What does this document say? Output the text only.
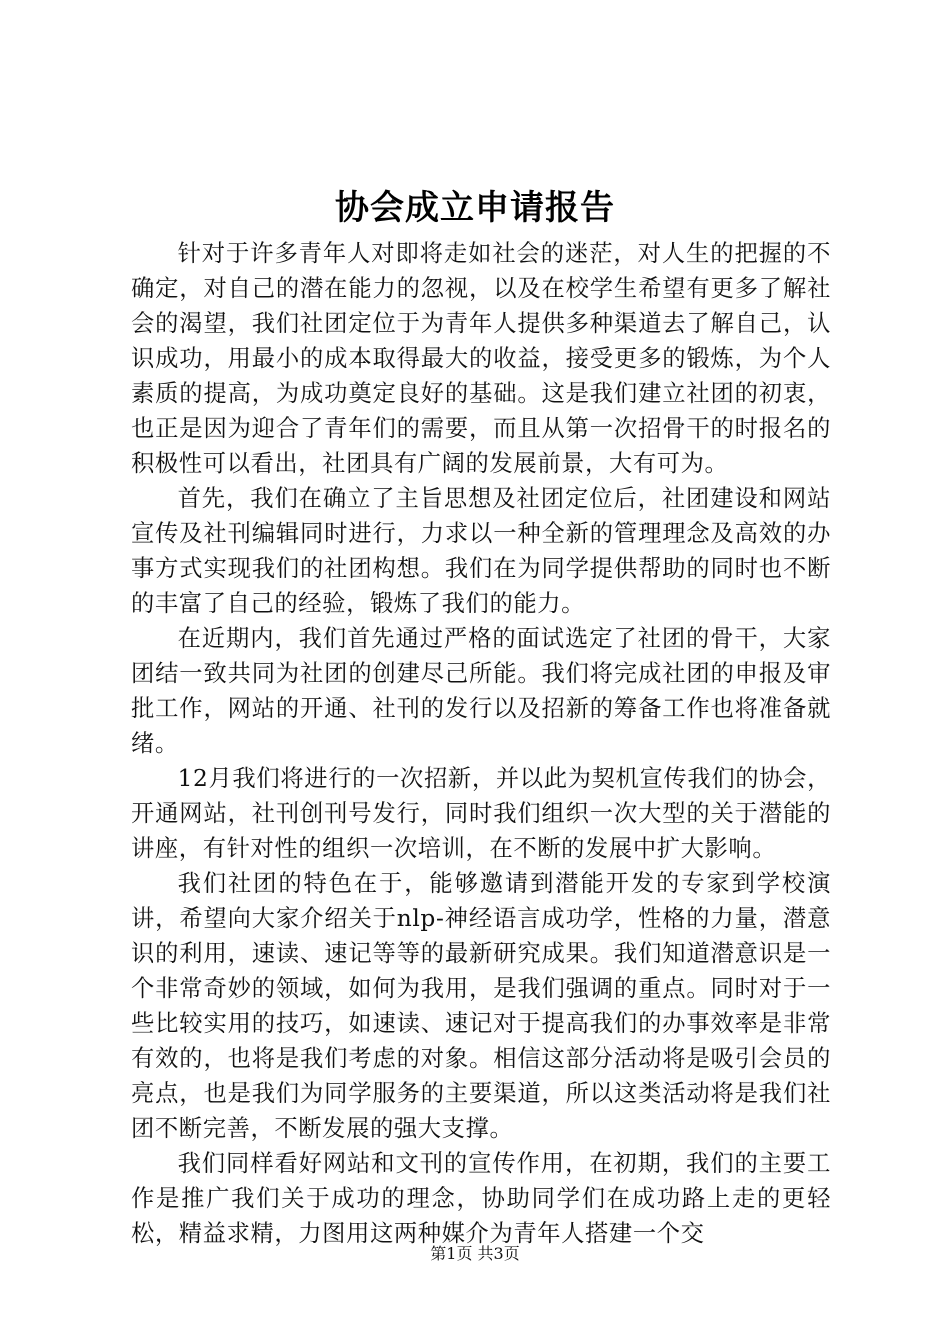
协会成立申请报告

针对于许多青年人对即将走如社会的迷茫，对人生的把握的不确定，对自己的潜在能力的忽视，以及在校学生希望有更多了解社会的渴望，我们社团定位于为青年人提供多种渠道去了解自己，认识成功，用最小的成本取得最大的收益，接受更多的锻炼，为个人素质的提高，为成功奠定良好的基础。这是我们建立社团的初衷，也正是因为迎合了青年们的需要，而且从第一次招骨干的时报名的积极性可以看出，社团具有广阔的发展前景，大有可为。

首先，我们在确立了主旨思想及社团定位后，社团建设和网站宣传及社刊编辑同时进行，力求以一种全新的管理理念及高效的办事方式实现我们的社团构想。我们在为同学提供帮助的同时也不断的丰富了自己的经验，锻炼了我们的能力。

在近期内，我们首先通过严格的面试选定了社团的骨干，大家团结一致共同为社团的创建尽己所能。我们将完成社团的申报及审批工作，网站的开通、社刊的发行以及招新的筹备工作也将准备就绪。

12月我们将进行的一次招新，并以此为契机宣传我们的协会，开通网站，社刊创刊号发行，同时我们组织一次大型的关于潜能的讲座，有针对性的组织一次培训，在不断的发展中扩大影响。

我们社团的特色在于，能够邀请到潜能开发的专家到学校演讲，希望向大家介绍关于nlp-神经语言成功学，性格的力量，潜意识的利用，速读、速记等等的最新研究成果。我们知道潜意识是一个非常奇妙的领域，如何为我用，是我们强调的重点。同时对于一些比较实用的技巧，如速读、速记对于提高我们的办事效率是非常有效的，也将是我们考虑的对象。相信这部分活动将是吸引会员的亮点，也是我们为同学服务的主要渠道，所以这类活动将是我们社团不断完善，不断发展的强大支撑。

我们同样看好网站和文刊的宣传作用，在初期，我们的主要工作是推广我们关于成功的理念，协助同学们在成功路上走的更轻松，精益求精，力图用这两种媒介为青年人搭建一个交

第1页 共3页
